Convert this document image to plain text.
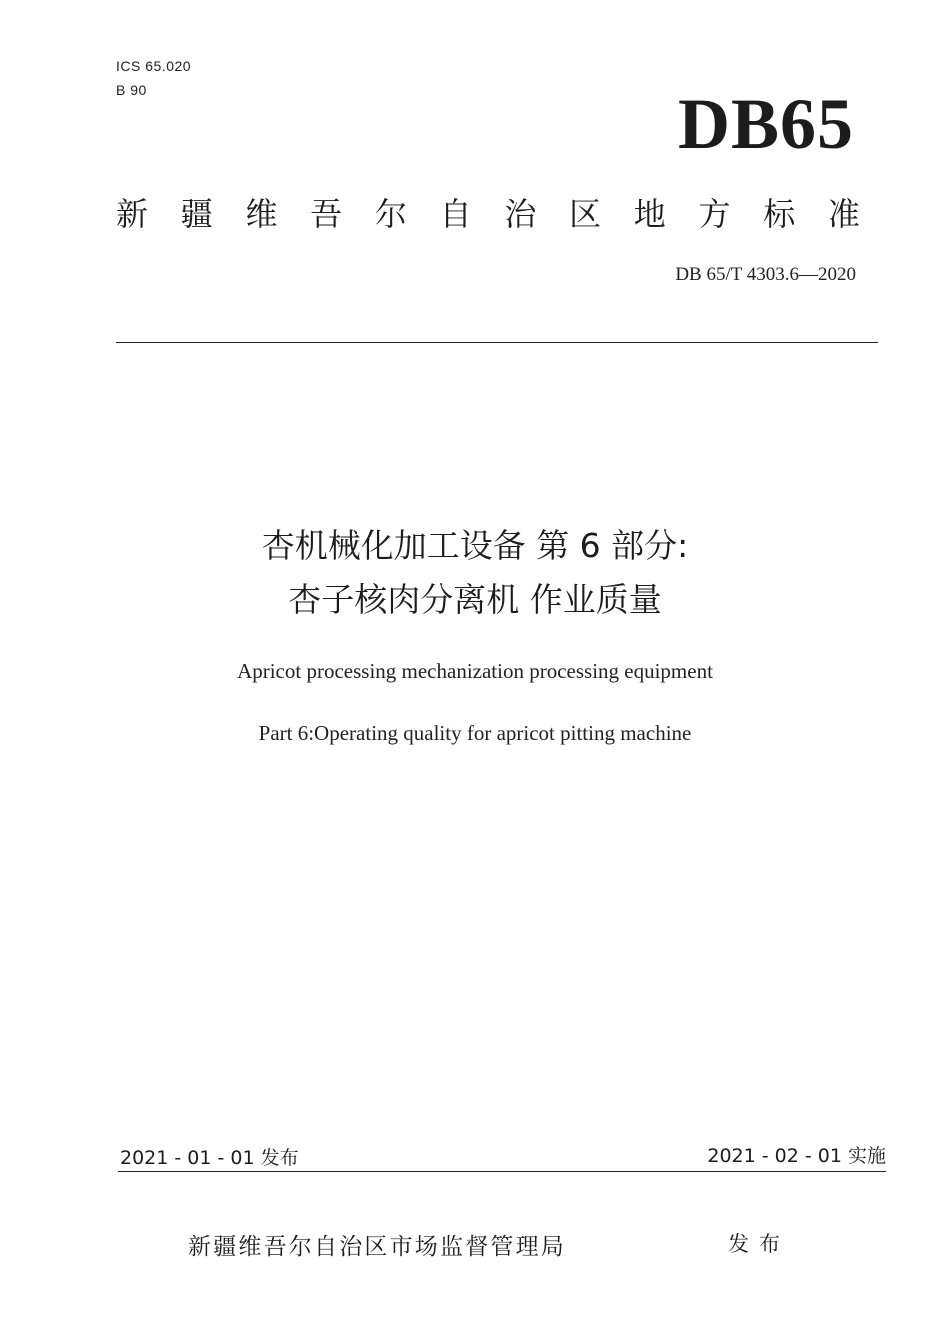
ICS 65.020
B 90	DB65
新疆维吾尔自治区地方标准
DB 65/T 4303.6—2020
杏机械化加工设备 第 6 部分:
杏子核肉分离机 作业质量
Apricot processing mechanization processing equipment
Part 6:Operating quality for apricot pitting machine
2021 - 01 - 01 发布	2021 - 02 - 01 实施
新疆维吾尔自治区市场监督管理局	发布
